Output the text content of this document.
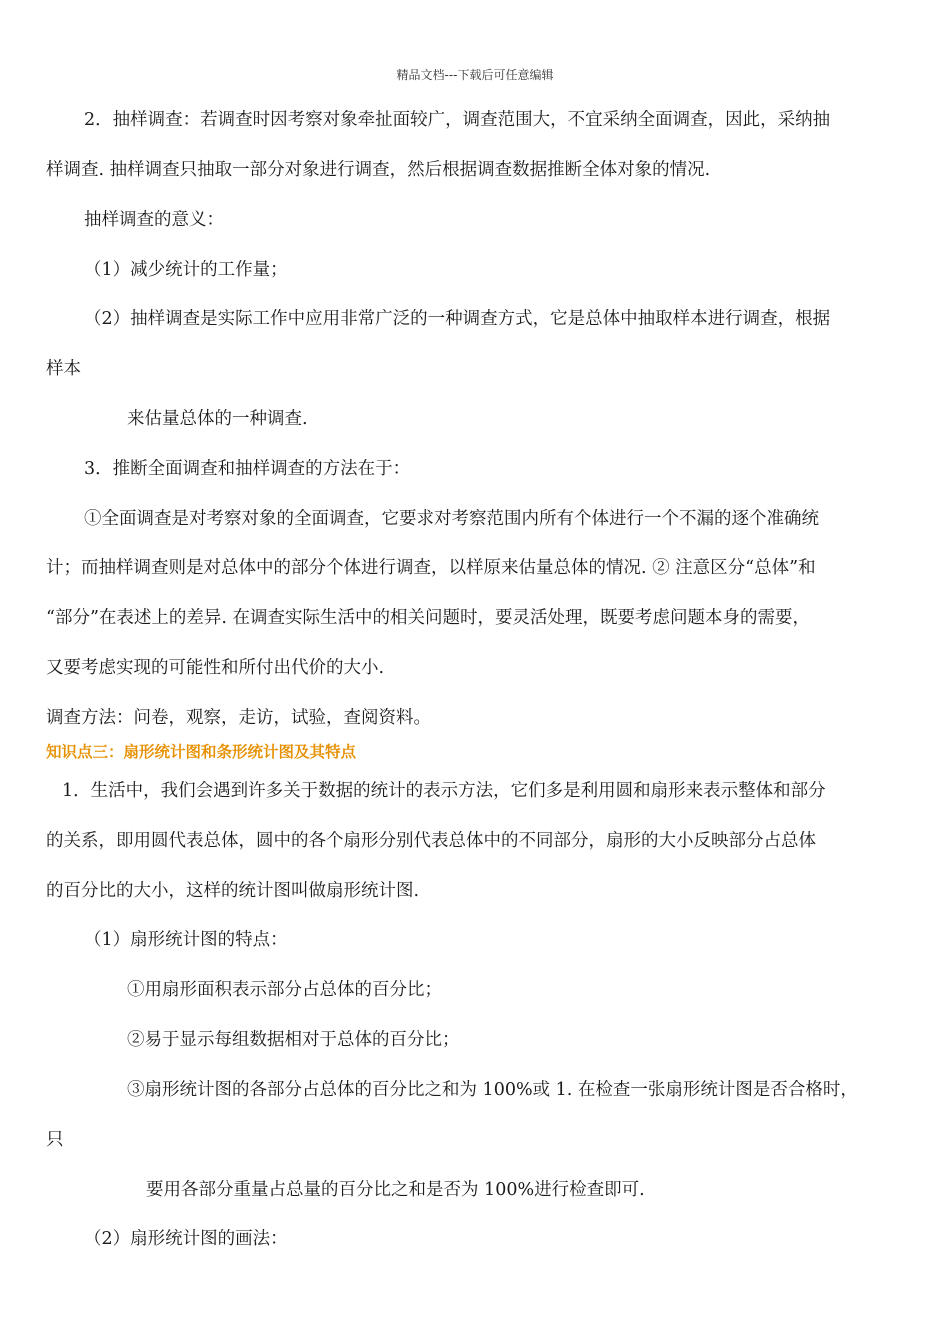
精品文档---下载后可任意编辑
2．抽样调查：若调查时因考察对象牵扯面较广，调查范围大，不宜采纳全面调查，因此，采纳抽
样调查. 抽样调查只抽取一部分对象进行调查，然后根据调查数据推断全体对象的情况.
抽样调查的意义：
（1）减少统计的工作量；
（2）抽样调查是实际工作中应用非常广泛的一种调查方式，它是总体中抽取样本进行调查，根据
样本
来估量总体的一种调查.
3．推断全面调查和抽样调查的方法在于：
①全面调查是对考察对象的全面调查，它要求对考察范围内所有个体进行一个不漏的逐个准确统
计；而抽样调查则是对总体中的部分个体进行调查，以样原来估量总体的情况. ② 注意区分“总体”和
“部分”在表述上的差异. 在调查实际生活中的相关问题时，要灵活处理，既要考虑问题本身的需要，
又要考虑实现的可能性和所付出代价的大小.
调查方法：问卷，观察，走访，试验，查阅资料。
知识点三：扇形统计图和条形统计图及其特点
1．生活中，我们会遇到许多关于数据的统计的表示方法，它们多是利用圆和扇形来表示整体和部分
的关系，即用圆代表总体，圆中的各个扇形分别代表总体中的不同部分，扇形的大小反映部分占总体
的百分比的大小，这样的统计图叫做扇形统计图.
（1）扇形统计图的特点：
①用扇形面积表示部分占总体的百分比；
②易于显示每组数据相对于总体的百分比；
③扇形统计图的各部分占总体的百分比之和为 100%或 1. 在检查一张扇形统计图是否合格时，
只
要用各部分重量占总量的百分比之和是否为 100%进行检查即可.
（2）扇形统计图的画法：
